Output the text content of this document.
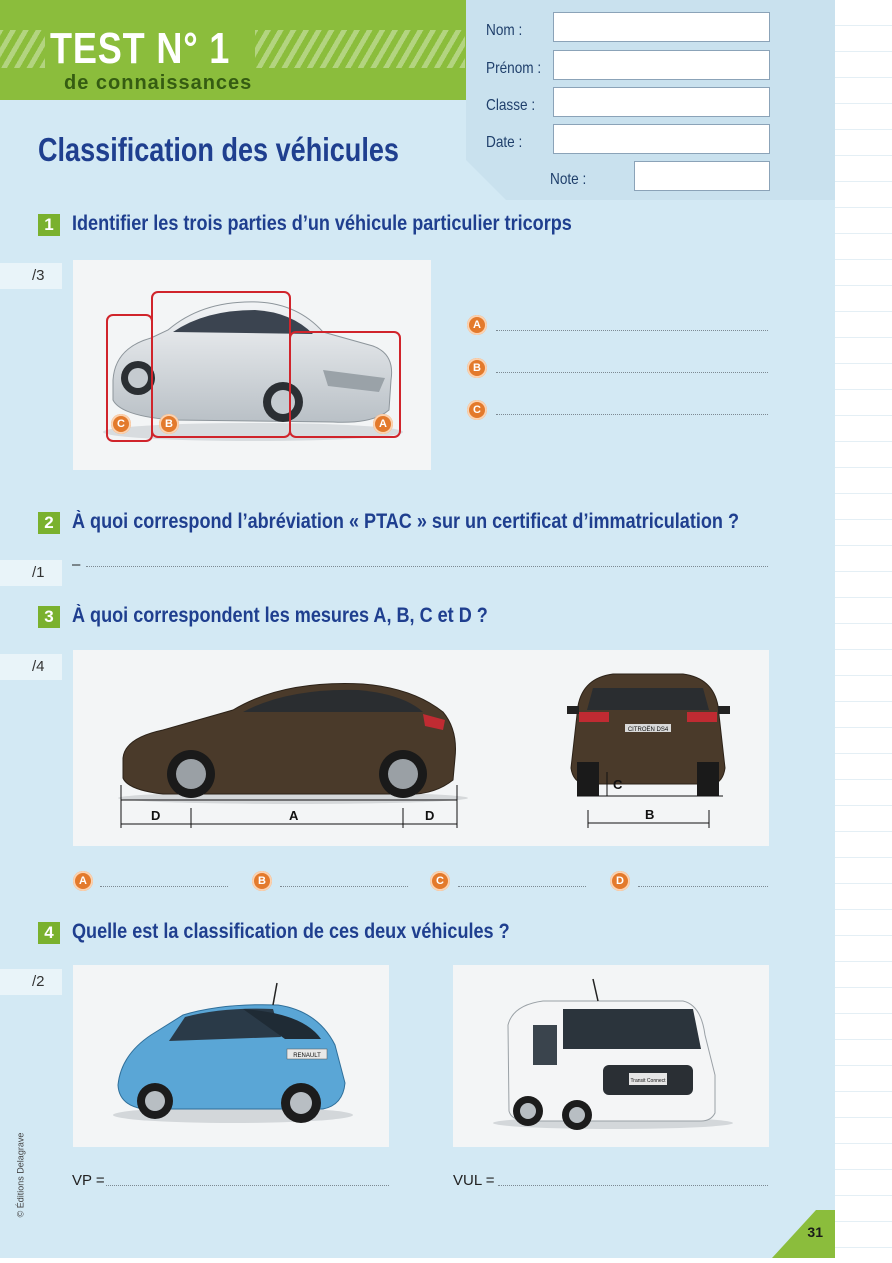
TEST N° 1
de connaissances
Nom :
Prénom :
Classe :
Date :
Note :
Classification des véhicules
1 Identifier les trois parties d’un véhicule particulier tricorps
/3
C	B	A
A
B
C
2 À quoi correspond l’abréviation « PTAC » sur un certificat d’immatriculation ?
/1	–
3 À quoi correspondent les mesures A, B, C et D ?
/4
D	A	D
CITROËN DS4
C
B
A	B	C	D
4 Quelle est la classification de ces deux véhicules ?
/2
RENAULT
Transit Connect
VP =	VUL =
© Éditions Delagrave
31
